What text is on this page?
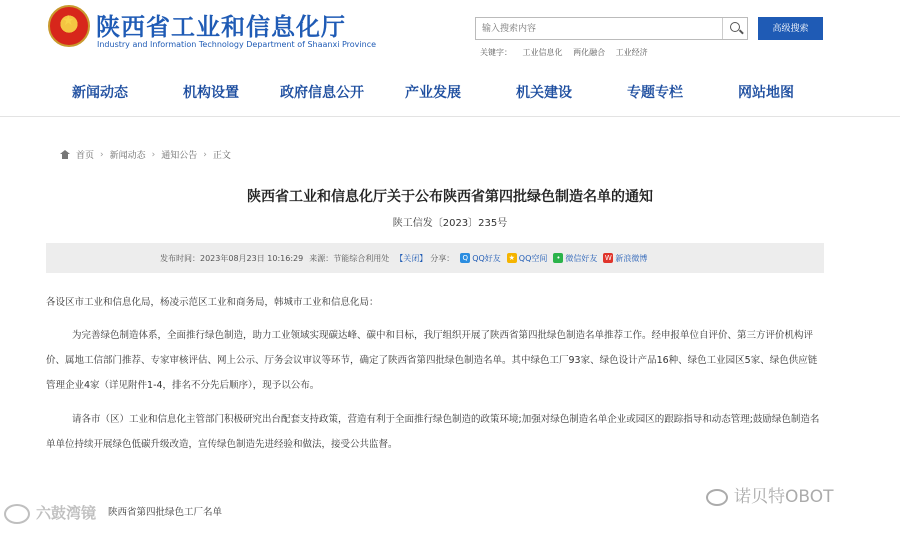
★
陕西省工业和信息化厅
Industry and Information Technology Department of Shaanxi Province
输入搜索内容
高级搜索
关键字： 工业信息化 两化融合 工业经济
新闻动态	机构设置	政府信息公开	产业发展	机关建设	专题专栏	网站地图
首页 › 新闻动态 › 通知公告 › 正文
陕西省工业和信息化厅关于公布陕西省第四批绿色制造名单的通知
陕工信发〔2023〕235号
发布时间： 2023年08月23日 10:16:29 来源： 节能综合利用处 【关闭】 分享：	Q QQ好友 ★ QQ空间	• 微信好友 W 新浪微博
各设区市工业和信息化局，杨凌示范区工业和商务局，韩城市工业和信息化局：
为完善绿色制造体系，全面推行绿色制造，助力工业领域实现碳达峰、碳中和目标，我厅组织开展了陕西省第四批绿色制造名单推荐工作。经申报单位自评价、第三方评价机构评价、属地工信部门推荐、专家审核评估、网上公示、厅务会议审议等环节，确定了陕西省第四批绿色制造名单。其中绿色工厂93家、绿色设计产品16种、绿色工业园区5家、绿色供应链管理企业4家（详见附件1-4，排名不分先后顺序），现予以公布。
请各市（区）工业和信息化主管部门积极研究出台配套支持政策，营造有利于全面推行绿色制造的政策环境;加强对绿色制造名单企业或园区的跟踪指导和动态管理;鼓励绿色制造名单单位持续开展绿色低碳升级改造，宣传绿色制造先进经验和做法，接受公共监督。
陕西省第四批绿色工厂名单
六鼓湾镜
诺贝特OBOT
